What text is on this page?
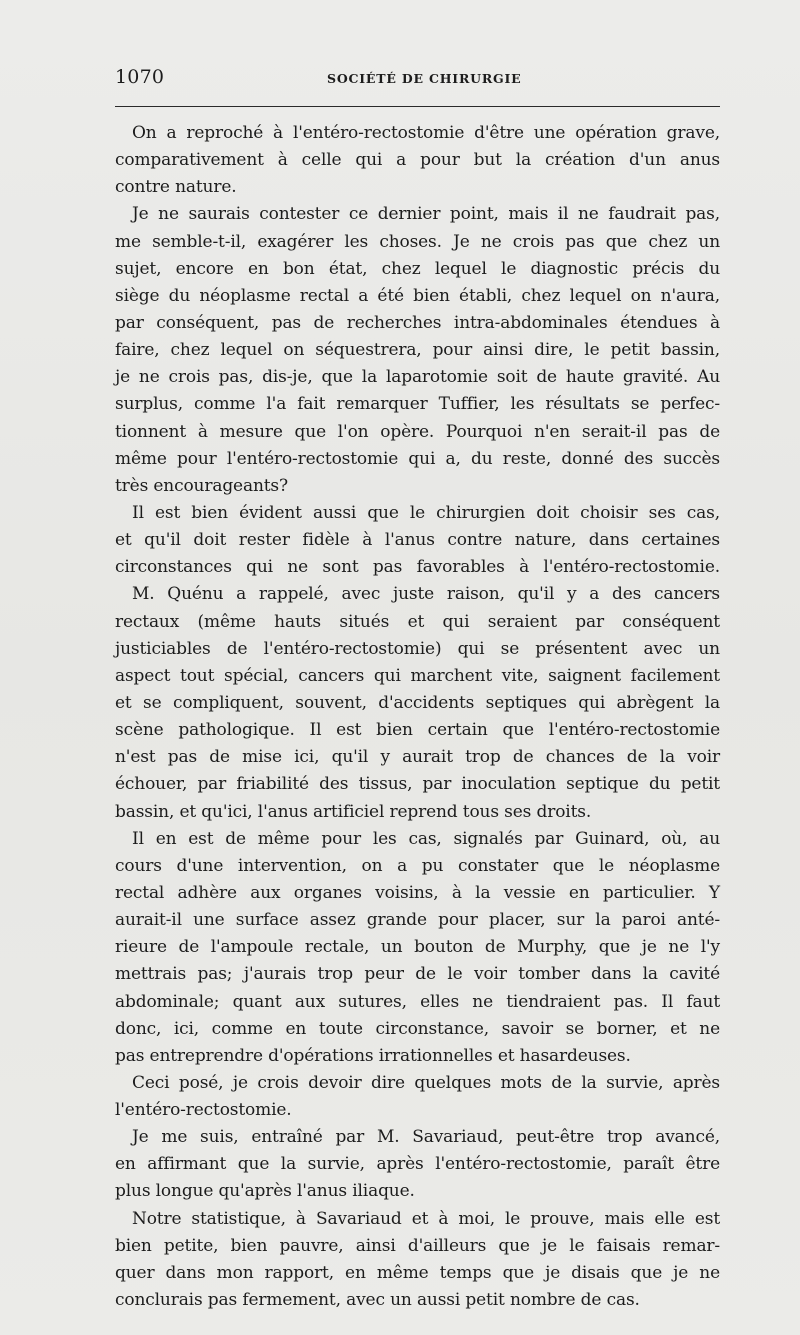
1070	SOCIÉTÉ DE CHIRURGIE
On a reproché à l'entéro-rectostomie d'être une opération grave,
comparativement à celle qui a pour but la création d'un anus
contre nature.
Je ne saurais contester ce dernier point, mais il ne faudrait pas,
me semble-t-il, exagérer les choses. Je ne crois pas que chez un
sujet, encore en bon état, chez lequel le diagnostic précis du
siège du néoplasme rectal a été bien établi, chez lequel on n'aura,
par conséquent, pas de recherches intra-abdominales étendues à
faire, chez lequel on séquestrera, pour ainsi dire, le petit bassin,
je ne crois pas, dis-je, que la laparotomie soit de haute gravité. Au
surplus, comme l'a fait remarquer Tuffier, les résultats se perfec-
tionnent à mesure que l'on opère. Pourquoi n'en serait-il pas de
même pour l'entéro-rectostomie qui a, du reste, donné des succès
très encourageants?
Il est bien évident aussi que le chirurgien doit choisir ses cas,
et qu'il doit rester fidèle à l'anus contre nature, dans certaines
circonstances qui ne sont pas favorables à l'entéro-rectostomie.
M. Quénu a rappelé, avec juste raison, qu'il y a des cancers
rectaux (même hauts situés et qui seraient par conséquent
justiciables de l'entéro-rectostomie) qui se présentent avec un
aspect tout spécial, cancers qui marchent vite, saignent facilement
et se compliquent, souvent, d'accidents septiques qui abrègent la
scène pathologique. Il est bien certain que l'entéro-rectostomie
n'est pas de mise ici, qu'il y aurait trop de chances de la voir
échouer, par friabilité des tissus, par inoculation septique du petit
bassin, et qu'ici, l'anus artificiel reprend tous ses droits.
Il en est de même pour les cas, signalés par Guinard, où, au
cours d'une intervention, on a pu constater que le néoplasme
rectal adhère aux organes voisins, à la vessie en particulier. Y
aurait-il une surface assez grande pour placer, sur la paroi anté-
rieure de l'ampoule rectale, un bouton de Murphy, que je ne l'y
mettrais pas; j'aurais trop peur de le voir tomber dans la cavité
abdominale; quant aux sutures, elles ne tiendraient pas. Il faut
donc, ici, comme en toute circonstance, savoir se borner, et ne
pas entreprendre d'opérations irrationnelles et hasardeuses.
Ceci posé, je crois devoir dire quelques mots de la survie, après
l'entéro-rectostomie.
Je me suis, entraîné par M. Savariaud, peut-être trop avancé,
en affirmant que la survie, après l'entéro-rectostomie, paraît être
plus longue qu'après l'anus iliaque.
Notre statistique, à Savariaud et à moi, le prouve, mais elle est
bien petite, bien pauvre, ainsi d'ailleurs que je le faisais remar-
quer dans mon rapport, en même temps que je disais que je ne
conclurais pas fermement, avec un aussi petit nombre de cas.
